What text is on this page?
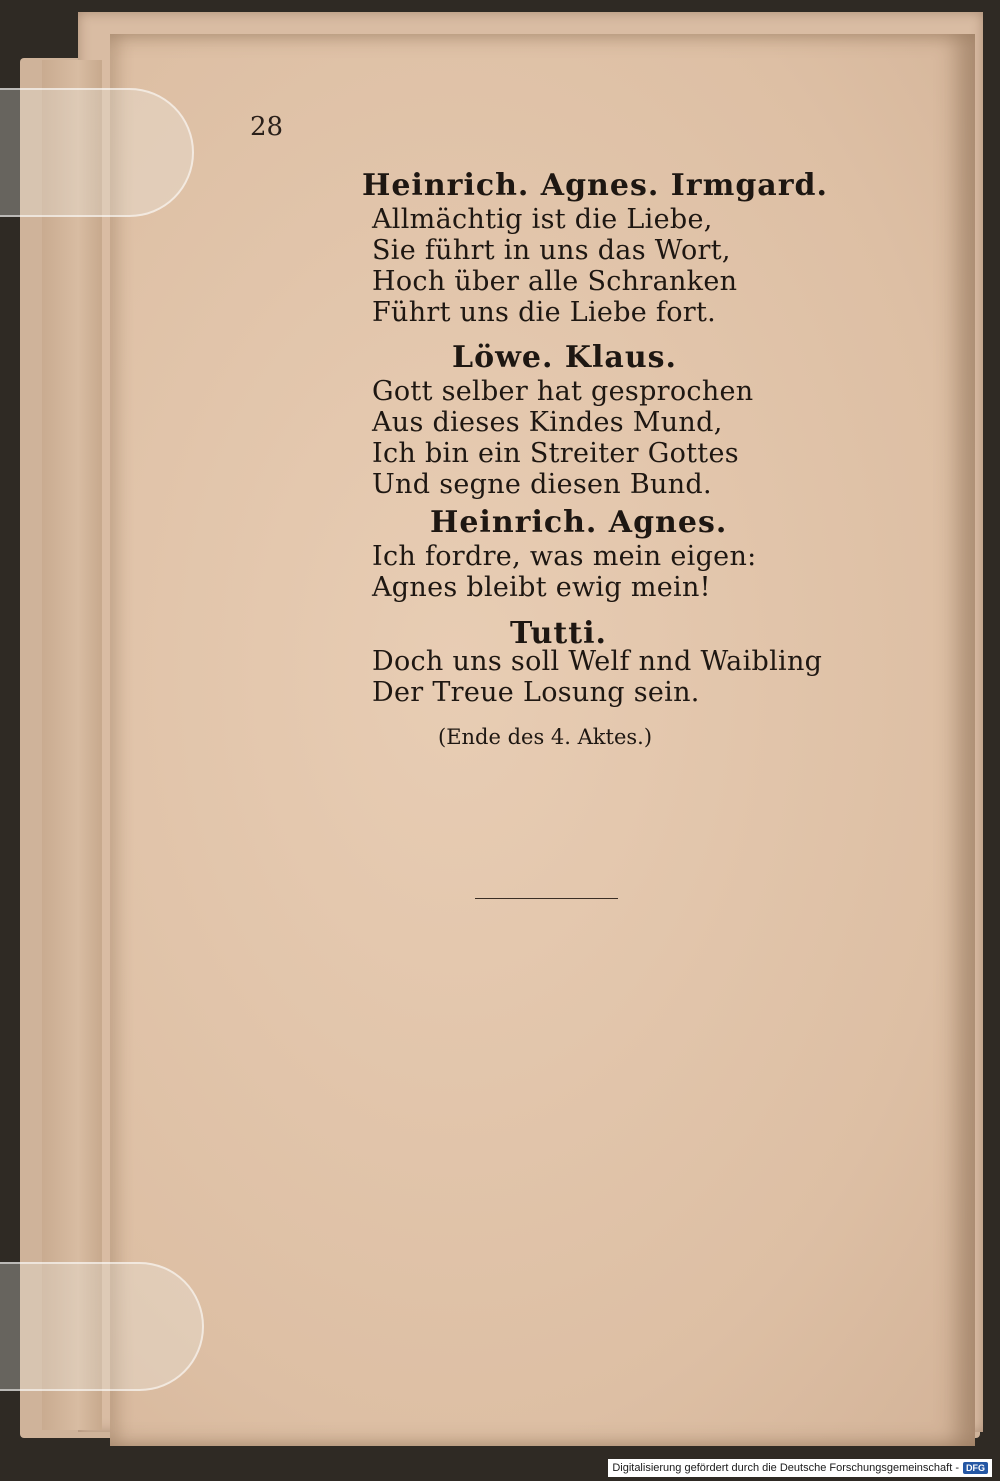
28
Heinrich. Agnes. Irmgard.
Allmächtig ist die Liebe,
Sie führt in uns das Wort,
Hoch über alle Schranken
Führt uns die Liebe fort.
Löwe. Klaus.
Gott selber hat gesprochen
Aus dieses Kindes Mund,
Ich bin ein Streiter Gottes
Und segne diesen Bund.
Heinrich. Agnes.
Ich fordre, was mein eigen:
Agnes bleibt ewig mein!
Tutti.
Doch uns soll Welf nnd Waibling
Der Treue Losung sein.
(Ende des 4. Aktes.)
Digitalisierung gefördert durch die Deutsche Forschungsgemeinschaft - DFG
